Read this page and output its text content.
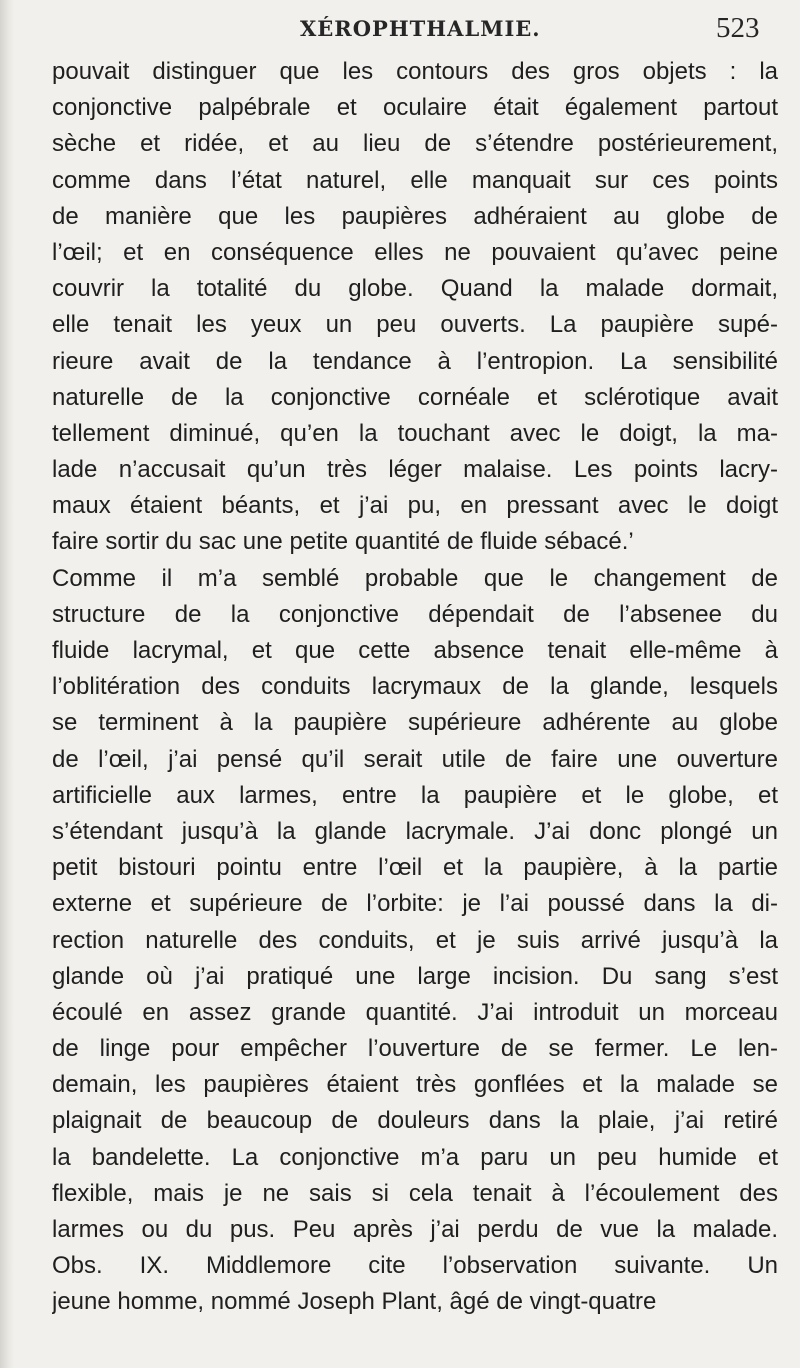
XÉROPHTHALMIE.	523
pouvait distinguer que les contours des gros objets : la
conjonctive palpébrale et oculaire était également partout
sèche et ridée, et au lieu de s’étendre postérieurement,
comme dans l’état naturel, elle manquait sur ces points
de manière que les paupières adhéraient au globe de
l’œil; et en conséquence elles ne pouvaient qu’avec peine
couvrir la totalité du globe. Quand la malade dormait,
elle tenait les yeux un peu ouverts. La paupière supé-
rieure avait de la tendance à l’entropion. La sensibilité
naturelle de la conjonctive cornéale et sclérotique avait
tellement diminué, qu’en la touchant avec le doigt, la ma-
lade n’accusait qu’un très léger malaise. Les points lacry-
maux étaient béants, et j’ai pu, en pressant avec le doigt
faire sortir du sac une petite quantité de fluide sébacé.’
Comme il m’a semblé probable que le changement de
structure de la conjonctive dépendait de l’absenee du
fluide lacrymal, et que cette absence tenait elle-même à
l’oblitération des conduits lacrymaux de la glande, lesquels
se terminent à la paupière supérieure adhérente au globe
de l’œil, j’ai pensé qu’il serait utile de faire une ouverture
artificielle aux larmes, entre la paupière et le globe, et
s’étendant jusqu’à la glande lacrymale. J’ai donc plongé un
petit bistouri pointu entre l’œil et la paupière, à la partie
externe et supérieure de l’orbite: je l’ai poussé dans la di-
rection naturelle des conduits, et je suis arrivé jusqu’à la
glande où j’ai pratiqué une large incision. Du sang s’est
écoulé en assez grande quantité. J’ai introduit un morceau
de linge pour empêcher l’ouverture de se fermer. Le len-
demain, les paupières étaient très gonflées et la malade se
plaignait de beaucoup de douleurs dans la plaie, j’ai retiré
la bandelette. La conjonctive m’a paru un peu humide et
flexible, mais je ne sais si cela tenait à l’écoulement des
larmes ou du pus. Peu après j’ai perdu de vue la malade.
Obs. IX. Middlemore cite l’observation suivante. Un
jeune homme, nommé Joseph Plant, âgé de vingt-quatre
